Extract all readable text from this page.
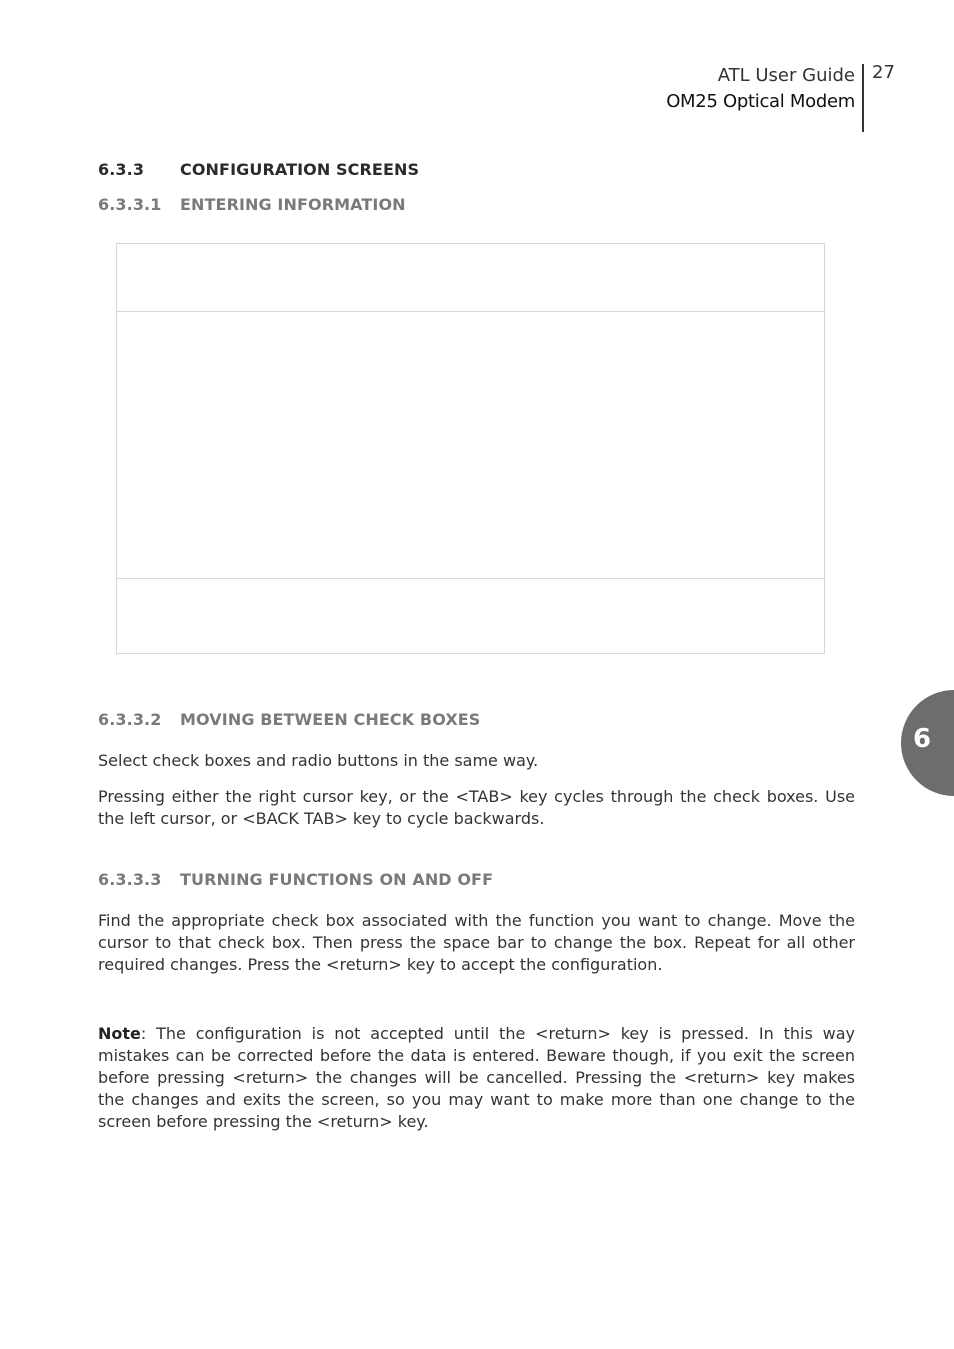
ATL User Guide
OM25 Optical Modem
27
6.3.3 CONFIGURATION SCREENS
6.3.3.1 ENTERING INFORMATION
6.3.3.2 MOVING BETWEEN CHECK BOXES

Select check boxes and radio buttons in the same way.

Pressing either the right cursor key, or the <TAB> key cycles through the check boxes. Use the left cursor, or <BACK TAB> key to cycle backwards.

6.3.3.3 TURNING FUNCTIONS ON AND OFF

Find the appropriate check box associated with the function you want to change. Move the cursor to that check box. Then press the space bar to change the box. Repeat for all other required changes. Press the <return> key to accept the configuration.

Note: The configuration is not accepted until the <return> key is pressed. In this way mistakes can be corrected before the data is entered. Beware though, if you exit the screen before pressing <return> the changes will be cancelled. Pressing the <return> key makes the changes and exits the screen, so you may want to make more than one change to the screen before pressing the <return> key.

6
